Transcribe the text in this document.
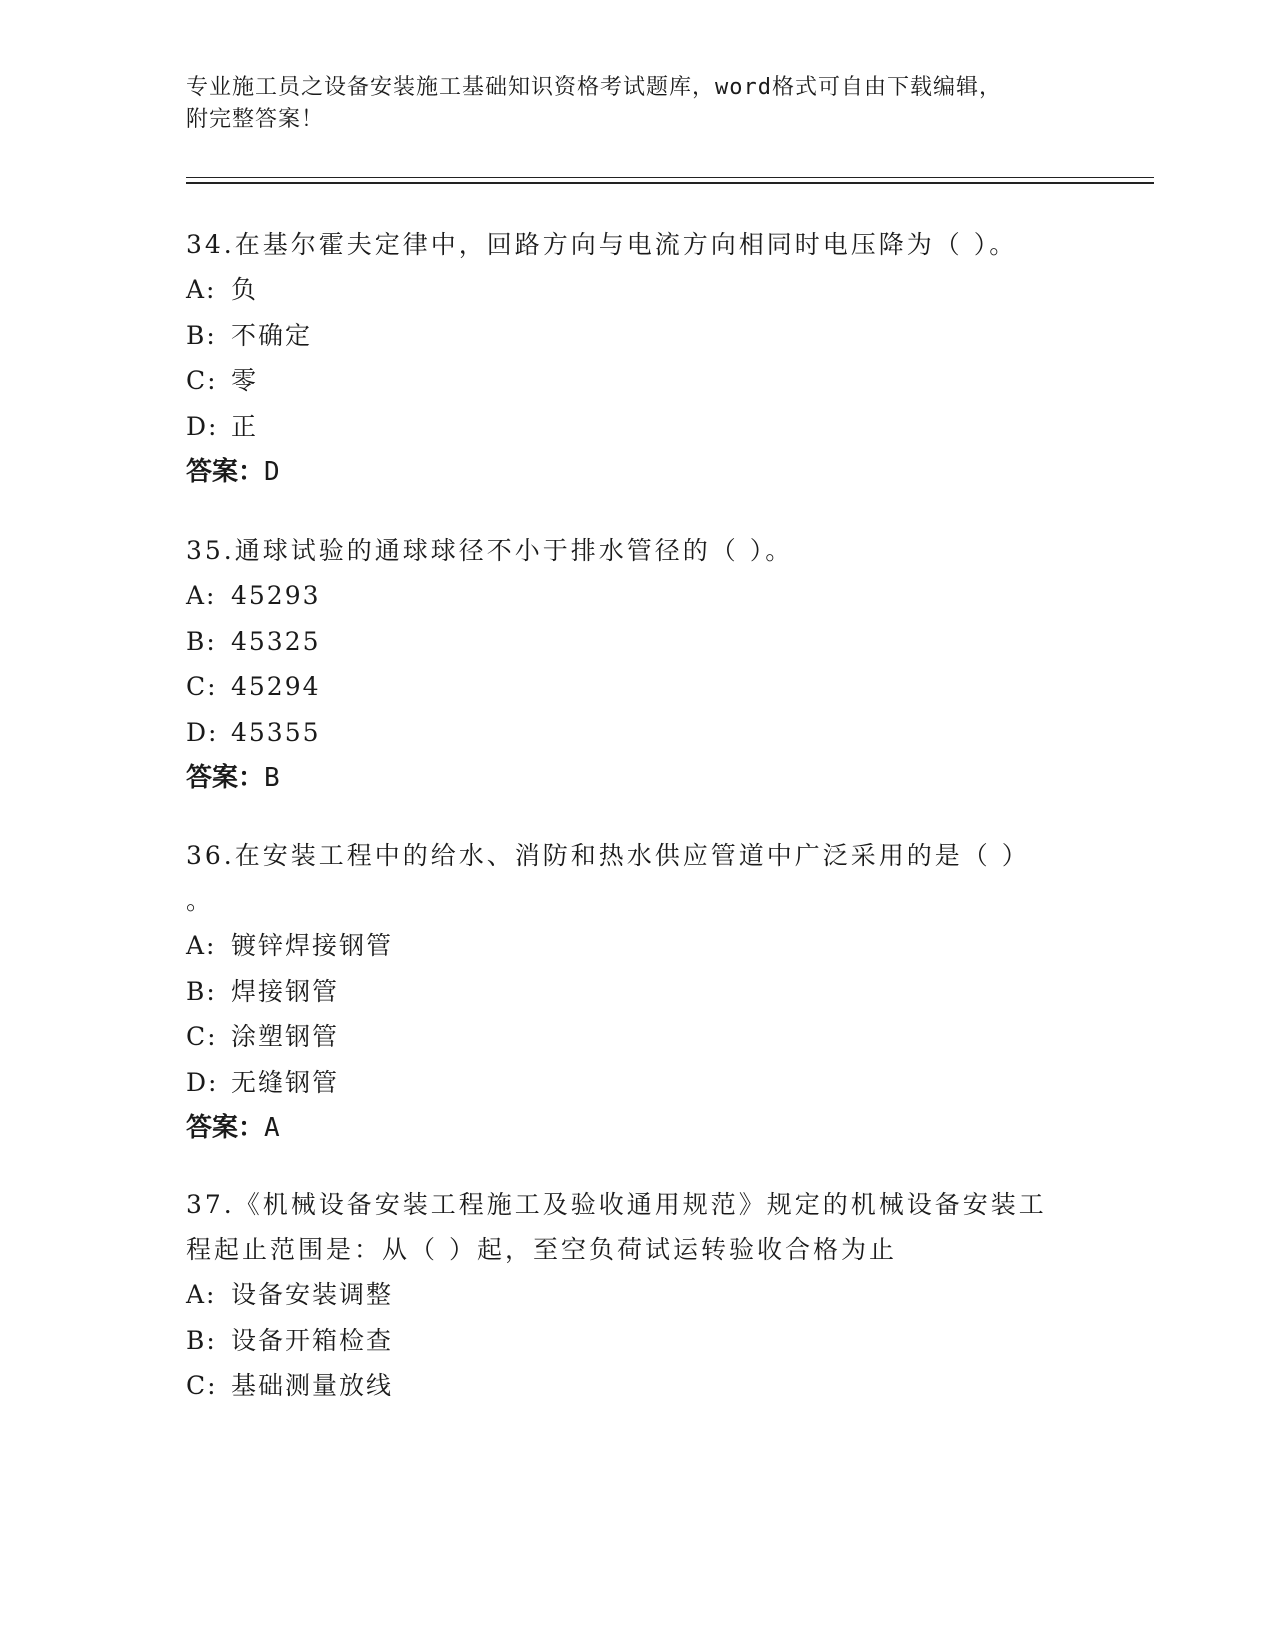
专业施工员之设备安装施工基础知识资格考试题库，word格式可自由下载编辑，
附完整答案！
34.在基尔霍夫定律中，回路方向与电流方向相同时电压降为（ ）。
A: 负
B: 不确定
C: 零
D: 正
答案：D
35.通球试验的通球球径不小于排水管径的（ ）。
A: 45293
B: 45325
C: 45294
D: 45355
答案：B
36.在安装工程中的给水、消防和热水供应管道中广泛采用的是（ ）
。
A: 镀锌焊接钢管
B: 焊接钢管
C: 涂塑钢管
D: 无缝钢管
答案：A
37.《机械设备安装工程施工及验收通用规范》规定的机械设备安装工
程起止范围是：从（ ）起，至空负荷试运转验收合格为止
A: 设备安装调整
B: 设备开箱检查
C: 基础测量放线
